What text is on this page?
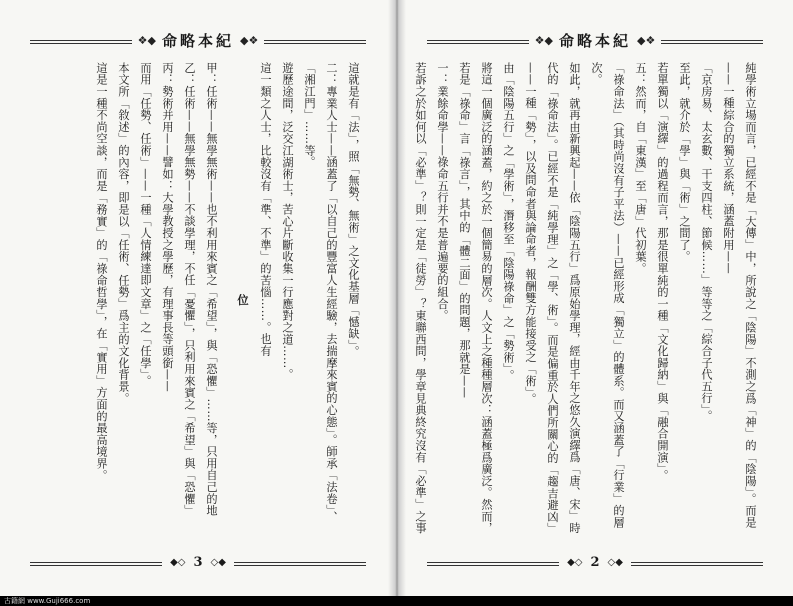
❖◆ 命略本紀 ◆❖

這就是有「法」，照「無勢、無術」之文化基層「憾缺」。

二：專業人士——涵蓋了「以自己的豐富人生經驗，去揣摩來賓的心態」。師承「法卷」、「湘江門」……等。

遊歷途間，泛交江湖術士，苦心片斷收集一行應對之道……。

這一類之人士，比較沒有「準、不準」的苦惱……。也有

位

甲：任術——無學無術——也不利用來賓之「希望」，與「恐懼」……等，只用自己的地

乙：任術——無學無勢——不談學理，不任「憂懼」，只利用來賓之「希望」與「恐懼」

丙：勢術并用——譬如：大學教授之學歷，有理事長等頭銜——

而用「任勢、任術」——一種「人情練達即文章」之「任學」。

本文所「敘述」的內容，即是以「任術、任勢」爲主的文化背景。

這是一種不尚空談，而是「務實」的「祿命哲學」，在「實用」方面的最高境界。

◆◇ 3 ◇◆
❖◆ 命略本紀 ◆❖

純學術立場而言，已經不是「大傳」中，所說之「陰陽」不測之爲「神」的「陰陽」。而是

——一種綜合的獨立系統，涵蓋附用——

「京房易、太玄數、干支四柱、節候……」等等之「綜合子代五行」。

至此，就介於「學」與「術」之間了。

若單獨以「演繹」的過程而言，那是很單純的一種「文化歸納」與「融合開演」。

五：然而，自「東漢」至「唐」代初葉。

「祿命法」（其時尚沒有子平法）——已經形成「獨立」的體系。而又涵蓋了「行業」的層次。

如此，就再由新興起——依「陰陽五行」爲原始學理，經由千年之悠久演繹爲「唐、宋」時代的「祿命法」。已經不是「純學理」之「學、術」。而是偏重於人們所關心的「趨吉避凶」——一種「勢」，以及問命者與論命者，報酬雙方能接受之「術」。

由「陰陽五行」之「學術」，潛移至「陰陽祿命」之「勢術」。

將這一個廣泛的涵蓋，約之於一個簡易的層次。人文上之種種層次：涵蓋極爲廣泛。然而，若是「祿命」言「祿言」，其中的「體二面」的問題，那就是——

一：業餘命學——祿命五行并不是普遍要的組合。

若訴之於如何以「必準」？則一定是「徒勞」？東聯西問，學章見典終究沒有「必準」之事

◆◇ 2 ◇◆
古籍網 www.Guji666.com
